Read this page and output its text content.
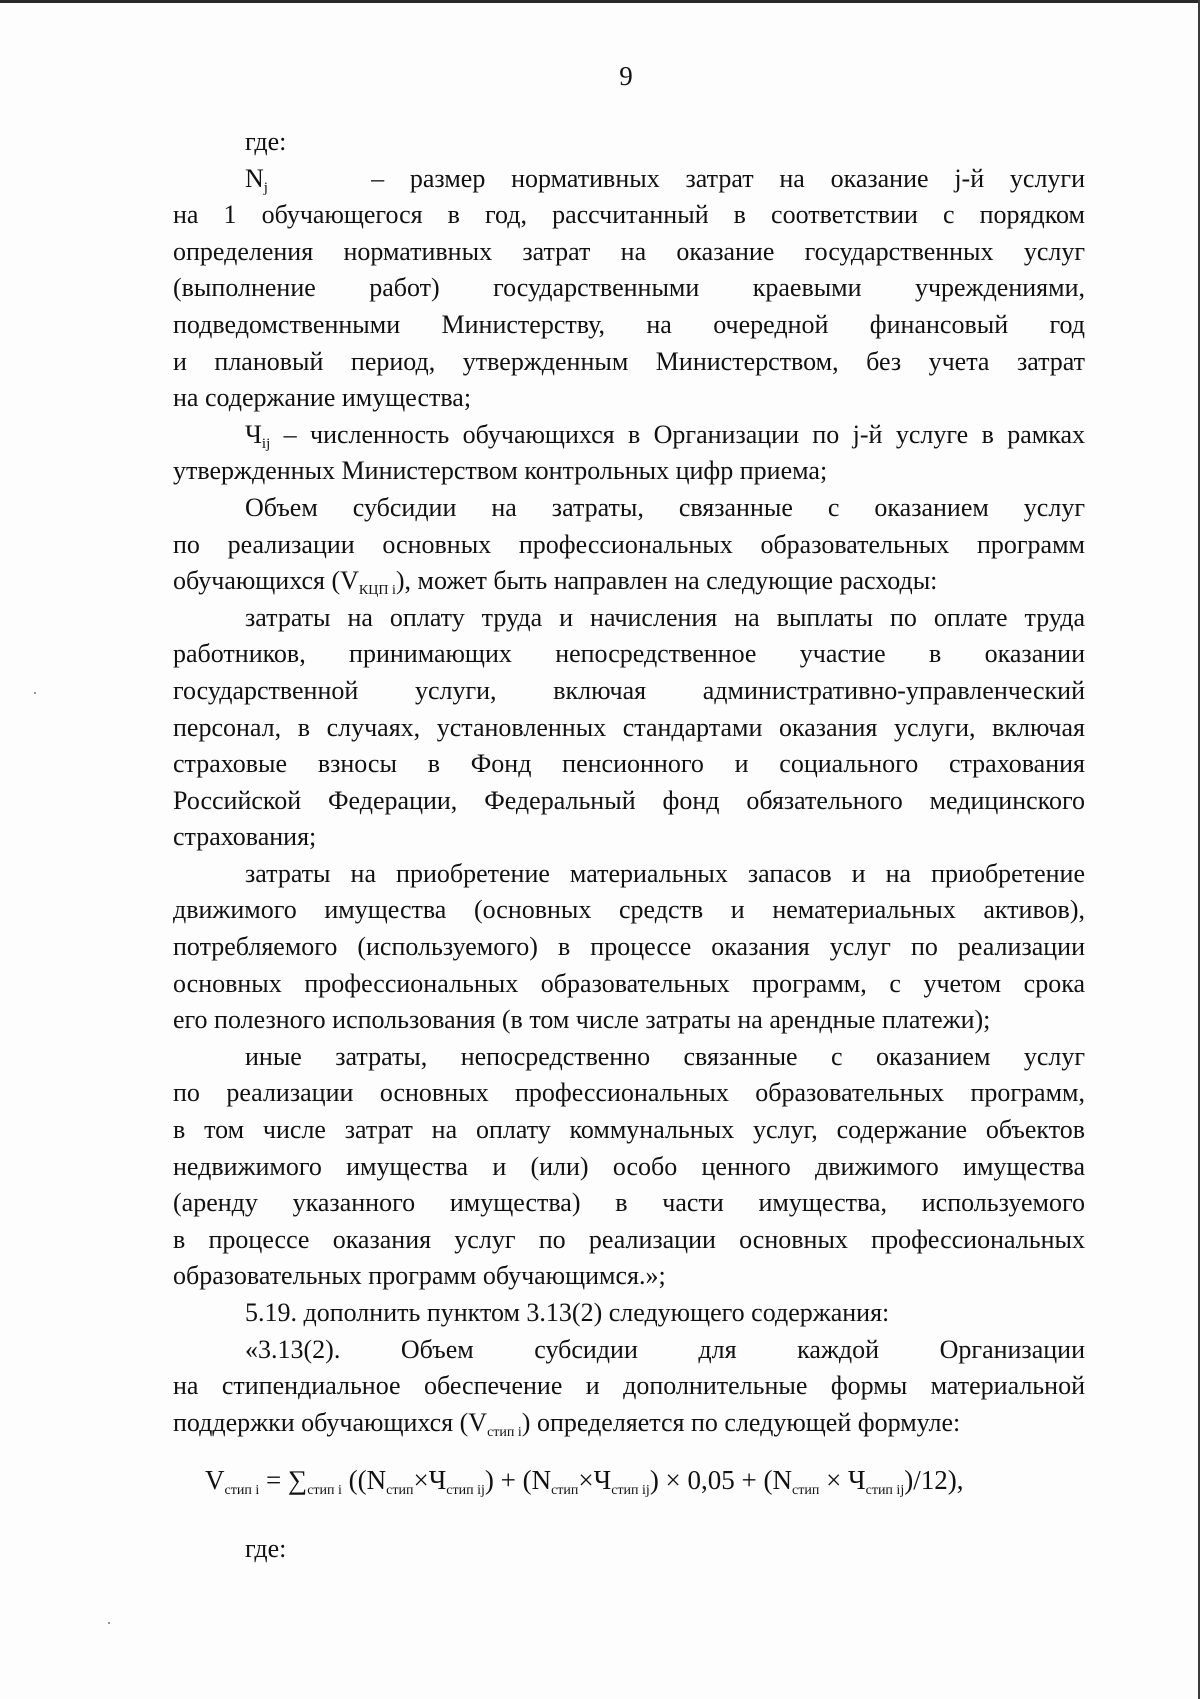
9
где:
$N_j$	– размер нормативных затрат на оказание j-й услуги
на 1 обучающегося в год, рассчитанный в соответствии с порядком
определения нормативных затрат на оказание государственных услуг
(выполнение работ) государственными краевыми учреждениями,
подведомственными Министерству, на очередной финансовый год
и плановый период, утвержденным Министерством, без учета затрат
на содержание имущества;
$Ч_{ij}$ – численность обучающихся в Организации по j-й услуге в рамках
утвержденных Министерством контрольных цифр приема;
Объем субсидии на затраты, связанные с оказанием услуг
по реализации основных профессиональных образовательных программ
обучающихся (VКЦП i), может быть направлен на следующие расходы:
затраты на оплату труда и начисления на выплаты по оплате труда
работников, принимающих непосредственное участие в оказании
государственной услуги, включая административно-управленческий
персонал, в случаях, установленных стандартами оказания услуги, включая
страховые взносы в Фонд пенсионного и социального страхования
Российской Федерации, Федеральный фонд обязательного медицинского
страхования;
затраты на приобретение материальных запасов и на приобретение
движимого имущества (основных средств и нематериальных активов),
потребляемого (используемого) в процессе оказания услуг по реализации
основных профессиональных образовательных программ, с учетом срока
его полезного использования (в том числе затраты на арендные платежи);
иные затраты, непосредственно связанные с оказанием услуг
по реализации основных профессиональных образовательных программ,
в том числе затрат на оплату коммунальных услуг, содержание объектов
недвижимого имущества и (или) особо ценного движимого имущества
(аренду указанного имущества) в части имущества, используемого
в процессе оказания услуг по реализации основных профессиональных
образовательных программ обучающимся.»;
5.19. дополнить пунктом 3.13(2) следующего содержания:
«3.13(2). Объем субсидии для каждой Организации
на стипендиальное обеспечение и дополнительные формы материальной
поддержки обучающихся (Vстип i) определяется по следующей формуле:
Vстип i = ∑стип i ((Nстип×Чстип ij) + (Nстип×Чстип ij) × 0,05 + (Nстип × Чстип ij)/12),
где:
